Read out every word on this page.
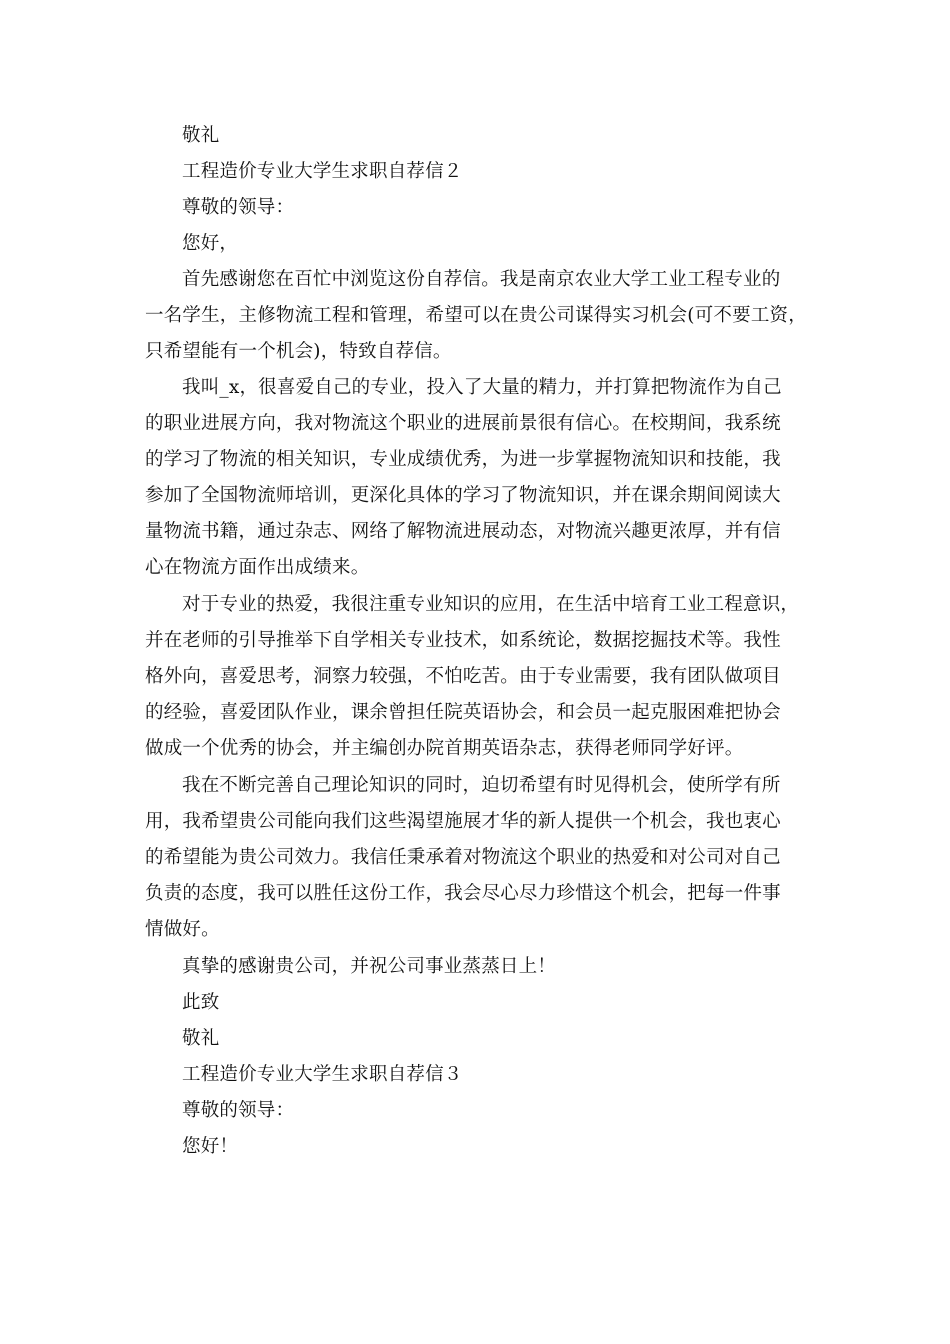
敬礼
工程造价专业大学生求职自荐信２
尊敬的领导：
您好，
首先感谢您在百忙中浏览这份自荐信。我是南京农业大学工业工程专业的
一名学生，主修物流工程和管理，希望可以在贵公司谋得实习机会(可不要工资，
只希望能有一个机会)，特致自荐信。
我叫_x，很喜爱自己的专业，投入了大量的精力，并打算把物流作为自己
的职业进展方向，我对物流这个职业的进展前景很有信心。在校期间，我系统
的学习了物流的相关知识，专业成绩优秀，为进一步掌握物流知识和技能，我
参加了全国物流师培训，更深化具体的学习了物流知识，并在课余期间阅读大
量物流书籍，通过杂志、网络了解物流进展动态，对物流兴趣更浓厚，并有信
心在物流方面作出成绩来。
对于专业的热爱，我很注重专业知识的应用，在生活中培育工业工程意识，
并在老师的引导推举下自学相关专业技术，如系统论，数据挖掘技术等。我性
格外向，喜爱思考，洞察力较强，不怕吃苦。由于专业需要，我有团队做项目
的经验，喜爱团队作业，课余曾担任院英语协会，和会员一起克服困难把协会
做成一个优秀的协会，并主编创办院首期英语杂志，获得老师同学好评。
我在不断完善自己理论知识的同时，迫切希望有时见得机会，使所学有所
用，我希望贵公司能向我们这些渴望施展才华的新人提供一个机会，我也衷心
的希望能为贵公司效力。我信任秉承着对物流这个职业的热爱和对公司对自己
负责的态度，我可以胜任这份工作，我会尽心尽力珍惜这个机会，把每一件事
情做好。
真挚的感谢贵公司，并祝公司事业蒸蒸日上！
此致
敬礼
工程造价专业大学生求职自荐信３
尊敬的领导：
您好！
